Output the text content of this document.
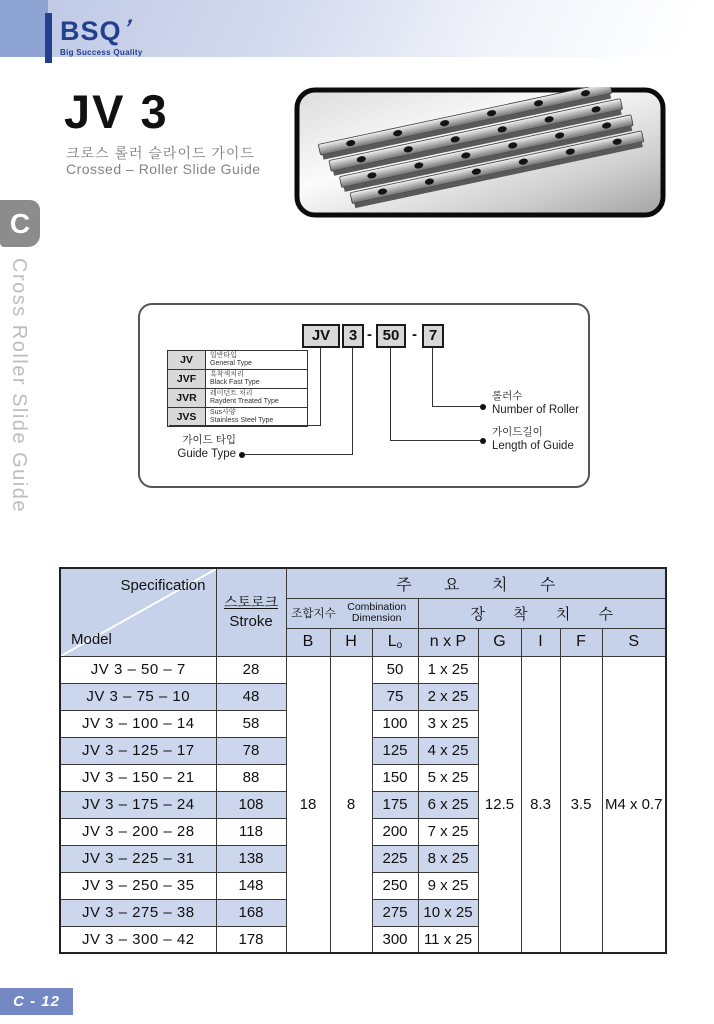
BSQ’
Big Success Quality
JV 3
크로스 롤러 슬라이드 가이드
Crossed – Roller Slide Guide
C
Cross Roller Slide Guide	JV	3 - 50 - 7
JV	일반타입
General Type

JVF	흑착색처리
Black Fast Type

JVR	레이던트 처리
Raydent Treated Type

JVS	Sus사양
Stainless Steel Type
롤러수
Number of Roller
가이드길이
Length of Guide
가이드 타입
Guide Type
Specification
Model	스토로크
Stroke	주 요 치 수							

		조합지수
Combination Dimension			장 착 치 수				
		B	H	$L_o$	n x P	G	I	F	S
JV 3 – 50 – 7	28	18	8	50	1 x 25	12.5	8.3	3.5	M4 x 0.7
JV 3 – 75 – 10	48			75	2 x 25				
JV 3 – 100 – 14	58			100	3 x 25				
JV 3 – 125 – 17	78			125	4 x 25				
JV 3 – 150 – 21	88			150	5 x 25				
JV 3 – 175 – 24	108			175	6 x 25				
JV 3 – 200 – 28	118			200	7 x 25				
JV 3 – 225 – 31	138			225	8 x 25				
JV 3 – 250 – 35	148			250	9 x 25				
JV 3 – 275 – 38	168			275	10 x 25				
JV 3 – 300 – 42	178			300	11 x 25				
C - 12
